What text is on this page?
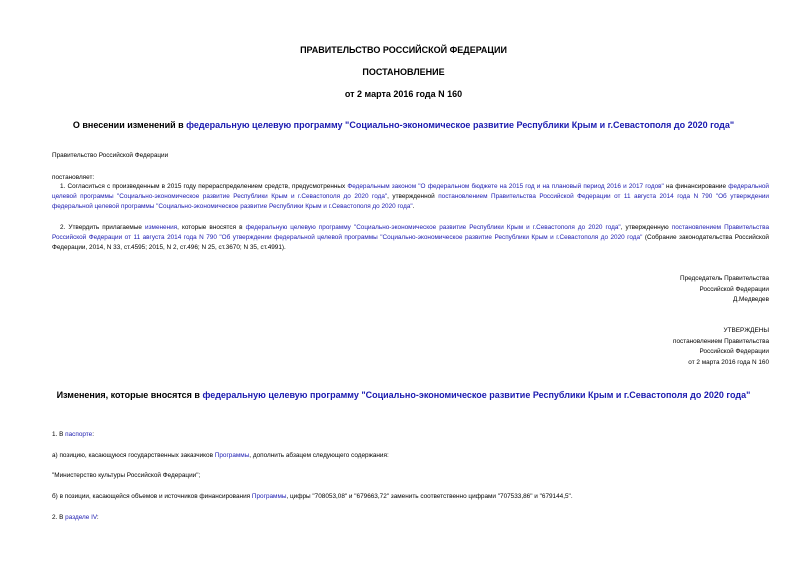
ПРАВИТЕЛЬСТВО РОССИЙСКОЙ ФЕДЕРАЦИИ
ПОСТАНОВЛЕНИЕ
от 2 марта 2016 года N 160
О внесении изменений в федеральную целевую программу "Социально-экономическое развитие Республики Крым и г.Севастополя до 2020 года"
Правительство Российской Федерации
постановляет:
1. Согласиться с произведенным в 2015 году перераспределением средств, предусмотренных Федеральным законом "О федеральном бюджете на 2015 год и на плановый период 2016 и 2017 годов" на финансирование федеральной целевой программы "Социально-экономическое развитие Республики Крым и г.Севастополя до 2020 года", утвержденной постановлением Правительства Российской Федерации от 11 августа 2014 года N 790 "Об утверждении федеральной целевой программы "Социально-экономическое развитие Республики Крым и г.Севастополя до 2020 года".
2. Утвердить прилагаемые изменения, которые вносятся в федеральную целевую программу "Социально-экономическое развитие Республики Крым и г.Севастополя до 2020 года", утвержденную постановлением Правительства Российской Федерации от 11 августа 2014 года N 790 "Об утверждении федеральной целевой программы "Социально-экономическое развитие Республики Крым и г.Севастополя до 2020 года" (Собрание законодательства Российской Федерации, 2014, N 33, ст.4595; 2015, N 2, ст.496; N 25, ст.3670; N 35, ст.4991).
Председатель Правительства
Российской Федерации
Д.Медведев
УТВЕРЖДЕНЫ
постановлением Правительства
Российской Федерации
от 2 марта 2016 года N 160
Изменения, которые вносятся в федеральную целевую программу "Социально-экономическое развитие Республики Крым и г.Севастополя до 2020 года"
1. В паспорте:
а) позицию, касающуюся государственных заказчиков Программы, дополнить абзацем следующего содержания:
"Министерство культуры Российской Федерации";
б) в позиции, касающейся объемов и источников финансирования Программы, цифры "708053,08" и "679663,72" заменить соответственно цифрами "707533,86" и "679144,5".
2. В разделе IV:
